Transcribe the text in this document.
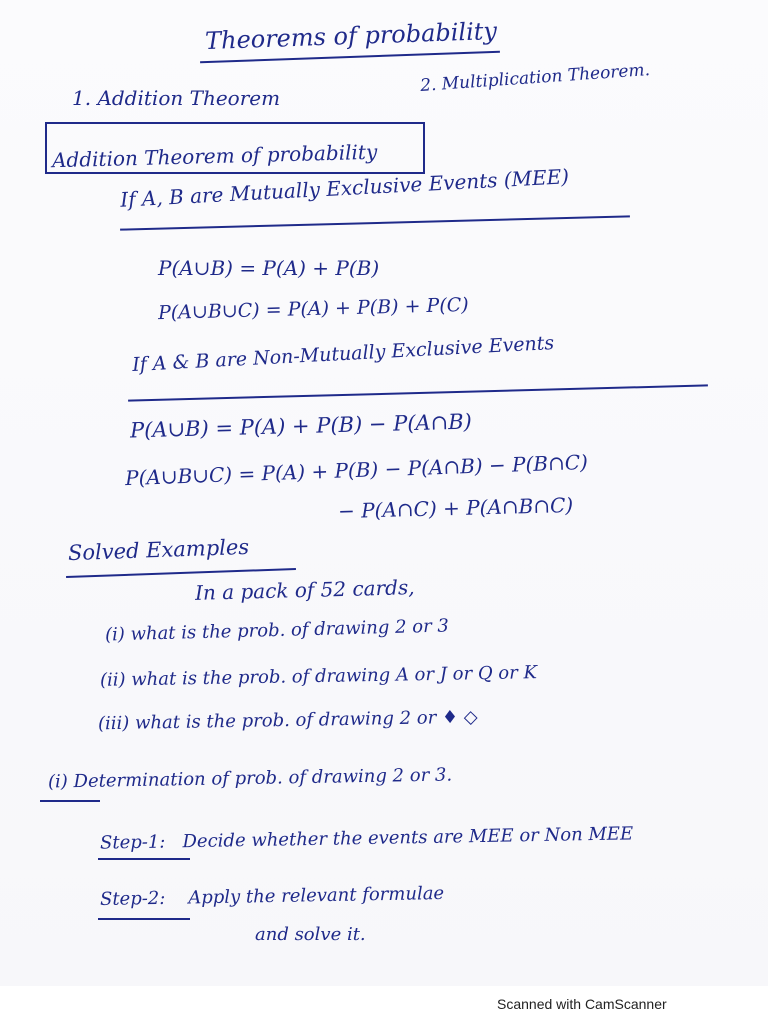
Theorems of probability
1. Addition Theorem
2. Multiplication Theorem.
Addition Theorem of probability
If A, B are Mutually Exclusive Events (MEE)
P(A∪B) = P(A) + P(B)
P(A∪B∪C) = P(A) + P(B) + P(C)
If A & B are Non-Mutually Exclusive Events
P(A∪B) = P(A) + P(B) − P(A∩B)
P(A∪B∪C) = P(A) + P(B) − P(A∩B) − P(B∩C)
− P(A∩C) + P(A∩B∩C)
Solved Examples
In a pack of 52 cards,
(i) what is the prob. of drawing 2 or 3
(ii) what is the prob. of drawing A or J or Q or K
(iii) what is the prob. of drawing 2 or ♦ ◇
(i) Determination of prob. of drawing 2 or 3.
Step-1: Decide whether the events are MEE or Non MEE
Step-2: Apply the relevant formulae
and solve it.
Scanned with CamScanner
